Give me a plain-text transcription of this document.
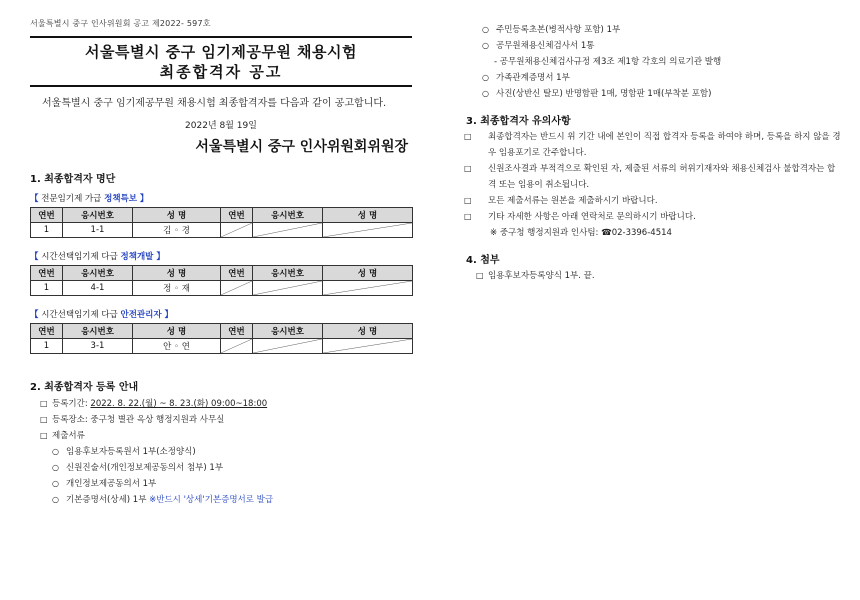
서울특별시 중구 인사위원회 공고 제2022- 597호
서울특별시 중구 임기제공무원 채용시험
최종합격자 공고
서울특별시 중구 임기제공무원 채용시험 최종합격자를 다음과 같이 공고합니다.
2022년 8월 19일
서울특별시 중구 인사위원회위원장
1. 최종합격자 명단
【 전문임기제 가급 정책특보 】
연번	응시번호	성 명	연번	응시번호	성 명
1	1-1	김 ◦ 경	

【 시간선택임기제 다급 정책개발 】
연번	응시번호	성 명	연번	응시번호	성 명
1	4-1	정 ◦ 재	

【 시간선택임기제 다급 안전관리자 】
연번	응시번호	성 명	연번	응시번호	성 명
1	3-1	안 ◦ 연	

2. 최종합격자 등록 안내
□ 등록기간: 2022. 8. 22.(월) ~ 8. 23.(화) 09:00~18:00
□ 등록장소: 중구청 별관 옥상 행정지원과 사무실
□ 제출서류
○ 임용후보자등록원서 1부(소정양식)
○ 신원진술서(개인정보제공동의서 첨부) 1부
○ 개인정보제공동의서 1부
○ 기본증명서(상세) 1부 ※반드시 '상세'기본증명서로 발급
○ 주민등록초본(병적사항 포함) 1부
○ 공무원채용신체검사서 1통
- 공무원채용신체검사규정 제3조 제1항 각호의 의료기관 발행
○ 가족관계증명서 1부
○ 사진(상반신 탈모) 반명함판 1매, 명함판 1매(부착분 포함)
3. 최종합격자 유의사항
□ 최종합격자는 반드시 위 기간 내에 본인이 직접 합격자 등록을 하여야 하며, 등록을 하지 않을 경우 임용포기로 간주합니다.
□ 신원조사결과 부적격으로 확인된 자, 제출된 서류의 허위기재자와 채용신체검사 불합격자는 합격 또는 임용이 취소됩니다.
□ 모든 제출서류는 원본을 제출하시기 바랍니다.
□ 기타 자세한 사항은 아래 연락처로 문의하시기 바랍니다.
※ 중구청 행정지원과 인사팀: ☎02-3396-4514
4. 첨부
□ 임용후보자등록양식 1부. 끝.
